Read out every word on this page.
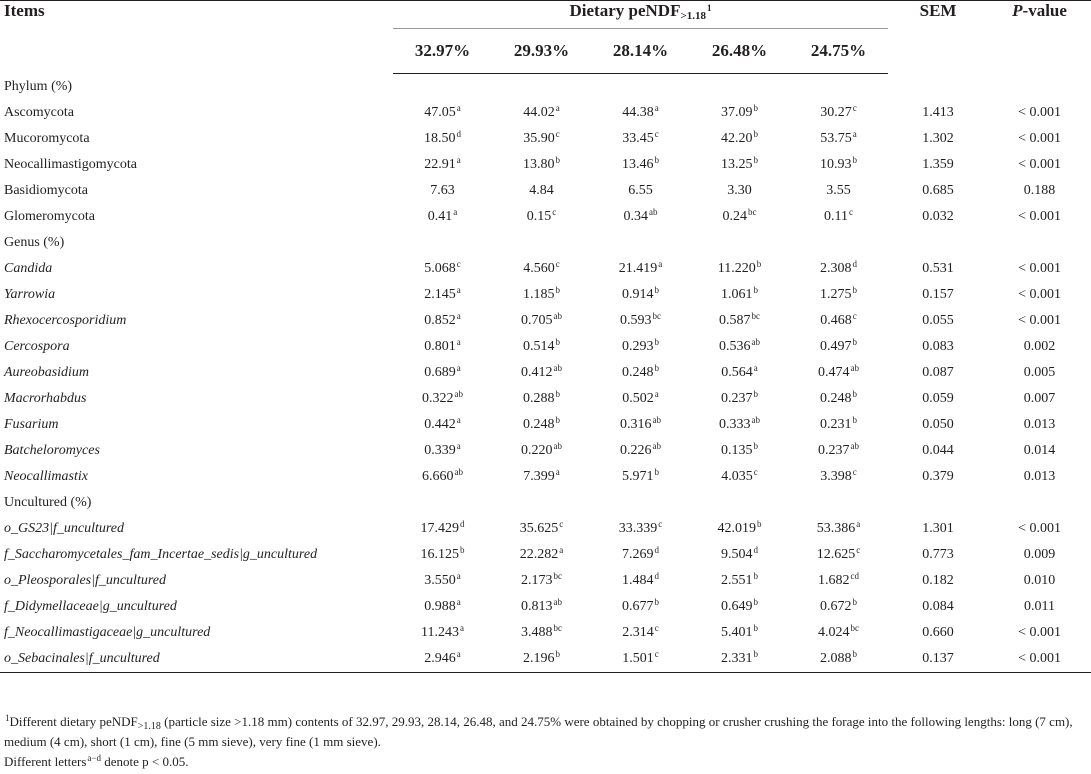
Items	Dietary peNDF$_{>1.18}^1$					SEM	P-value
	32.97%	29.93%	28.14%	26.48%	24.75%		
Phylum (%)							
Ascomycota	47.05$^a$	44.02$^a$	44.38$^a$	37.09$^b$	30.27$^c$	1.413	< 0.001
Mucoromycota	18.50$^d$	35.90$^c$	33.45$^c$	42.20$^b$	53.75$^a$	1.302	< 0.001
Neocallimastigomycota	22.91$^a$	13.80$^b$	13.46$^b$	13.25$^b$	10.93$^b$	1.359	< 0.001
Basidiomycota	7.63	4.84	6.55	3.30	3.55	0.685	0.188
Glomeromycota	0.41$^a$	0.15$^c$	0.34$^{ab}$	0.24$^{bc}$	0.11$^c$	0.032	< 0.001
Genus (%)							
Candida	5.068$^c$	4.560$^c$	21.419$^a$	11.220$^b$	2.308$^d$	0.531	< 0.001
Yarrowia	2.145$^a$	1.185$^b$	0.914$^b$	1.061$^b$	1.275$^b$	0.157	< 0.001
Rhexocercosporidium	0.852$^a$	0.705$^{ab}$	0.593$^{bc}$	0.587$^{bc}$	0.468$^c$	0.055	< 0.001
Cercospora	0.801$^a$	0.514$^b$	0.293$^b$	0.536$^{ab}$	0.497$^b$	0.083	0.002
Aureobasidium	0.689$^a$	0.412$^{ab}$	0.248$^b$	0.564$^a$	0.474$^{ab}$	0.087	0.005
Macrorhabdus	0.322$^{ab}$	0.288$^b$	0.502$^a$	0.237$^b$	0.248$^b$	0.059	0.007
Fusarium	0.442$^a$	0.248$^b$	0.316$^{ab}$	0.333$^{ab}$	0.231$^b$	0.050	0.013
Batcheloromyces	0.339$^a$	0.220$^{ab}$	0.226$^{ab}$	0.135$^b$	0.237$^{ab}$	0.044	0.014
Neocallimastix	6.660$^{ab}$	7.399$^a$	5.971$^b$	4.035$^c$	3.398$^c$	0.379	0.013
Uncultured (%)							
o_GS23|f_uncultured	17.429$^d$	35.625$^c$	33.339$^c$	42.019$^b$	53.386$^a$	1.301	< 0.001
f_Saccharomycetales_fam_Incertae_sedis|g_uncultured	16.125$^b$	22.282$^a$	7.269$^d$	9.504$^d$	12.625$^c$	0.773	0.009
o_Pleosporales|f_uncultured	3.550$^a$	2.173$^{bc}$	1.484$^d$	2.551$^b$	1.682$^{cd}$	0.182	0.010
f_Didymellaceae|g_uncultured	0.988$^a$	0.813$^{ab}$	0.677$^b$	0.649$^b$	0.672$^b$	0.084	0.011
f_Neocallimastigaceae|g_uncultured	11.243$^a$	3.488$^{bc}$	2.314$^c$	5.401$^b$	4.024$^{bc}$	0.660	< 0.001
o_Sebacinales|f_uncultured	2.946$^a$	2.196$^b$	1.501$^c$	2.331$^b$	2.088$^b$	0.137	< 0.001

$^1$Different dietary peNDF$_{>1.18}$ (particle size >1.18 mm) contents of 32.97, 29.93, 28.14, 26.48, and 24.75% were obtained by chopping or crusher crushing the forage into the following lengths: long (7 cm), medium (4 cm), short (1 cm), fine (5 mm sieve), very fine (1 mm sieve).

Different letters$^{a-d}$ denote p < 0.05.
